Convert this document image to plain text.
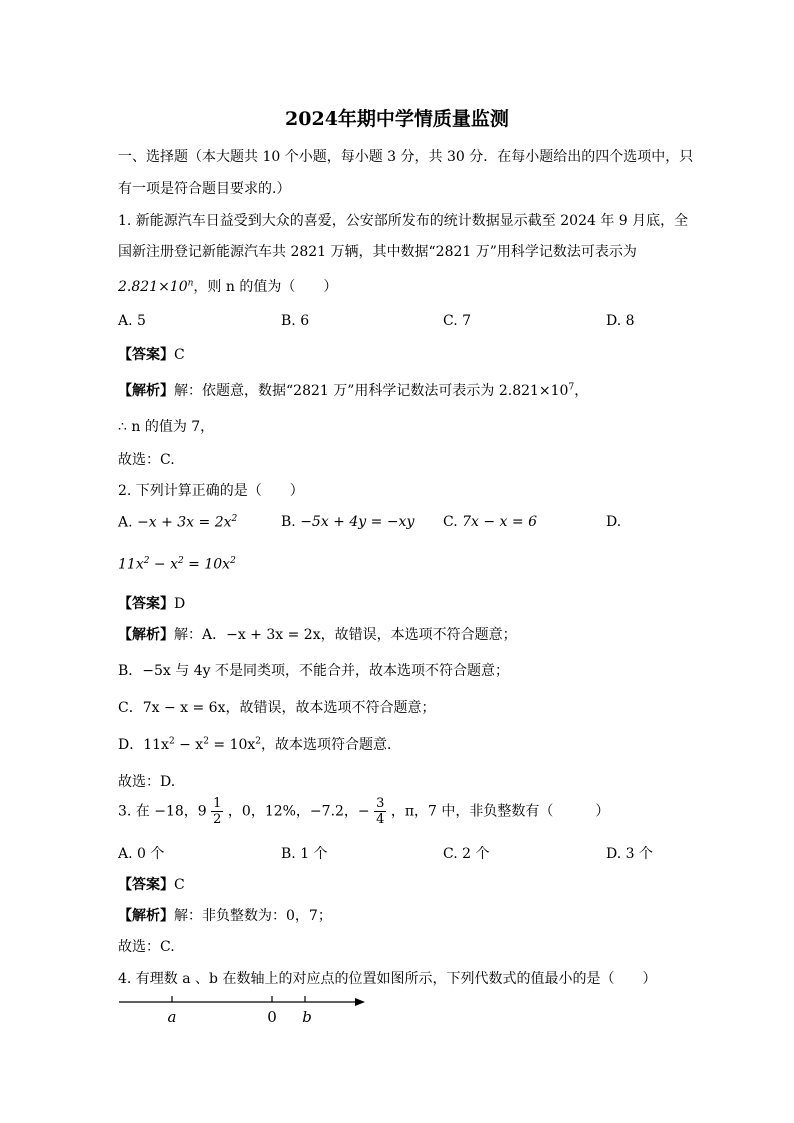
2024年期中学情质量监测
一、选择题（本大题共 10 个小题，每小题 3 分，共 30 分．在每小题给出的四个选项中，只
有一项是符合题目要求的.）
1. 新能源汽车日益受到大众的喜爱，公安部所发布的统计数据显示截至 2024 年 9 月底，全
国新注册登记新能源汽车共 2821 万辆，其中数据“2821 万”用科学记数法可表示为
$2.821\times 10^n$，则 n 的值为（　　）
A. 5	B. 6	C. 7	D. 8
【答案】C
【解析】解：依题意，数据“2821 万”用科学记数法可表示为 $2.821\times 10^7$，
∴ n 的值为 7，
故选：C.
2. 下列计算正确的是（　　）
A. $-x + 3x = 2x^2$	B. −5x + 4y = −xy C. 7x − x = 6	D.
$11x^2 - x^2 = 10x^2$
【答案】D
【解析】解：A．−x + 3x = 2x，故错误，本选项不符合题意；
B．−5x 与 4y 不是同类项，不能合并，故本选项不符合题意；
C．7x − x = 6x，故错误，故本选项不符合题意；
D．$11x^2 - x^2 = 10x^2$，故本选项符合题意．
故选：D.
3. 在 −18，$9 \frac{1}{2}$ ，0，12%，−7.2，− $\frac{3}{4}$ ，π，7 中，非负整数有（　　　）
A. 0 个	B. 1 个	C. 2 个	D. 3 个
【答案】C
【解析】解：非负整数为：0，7；
故选：C.
4. 有理数 a 、b 在数轴上的对应点的位置如图所示，下列代数式的值最小的是（　　）
a	0 b
